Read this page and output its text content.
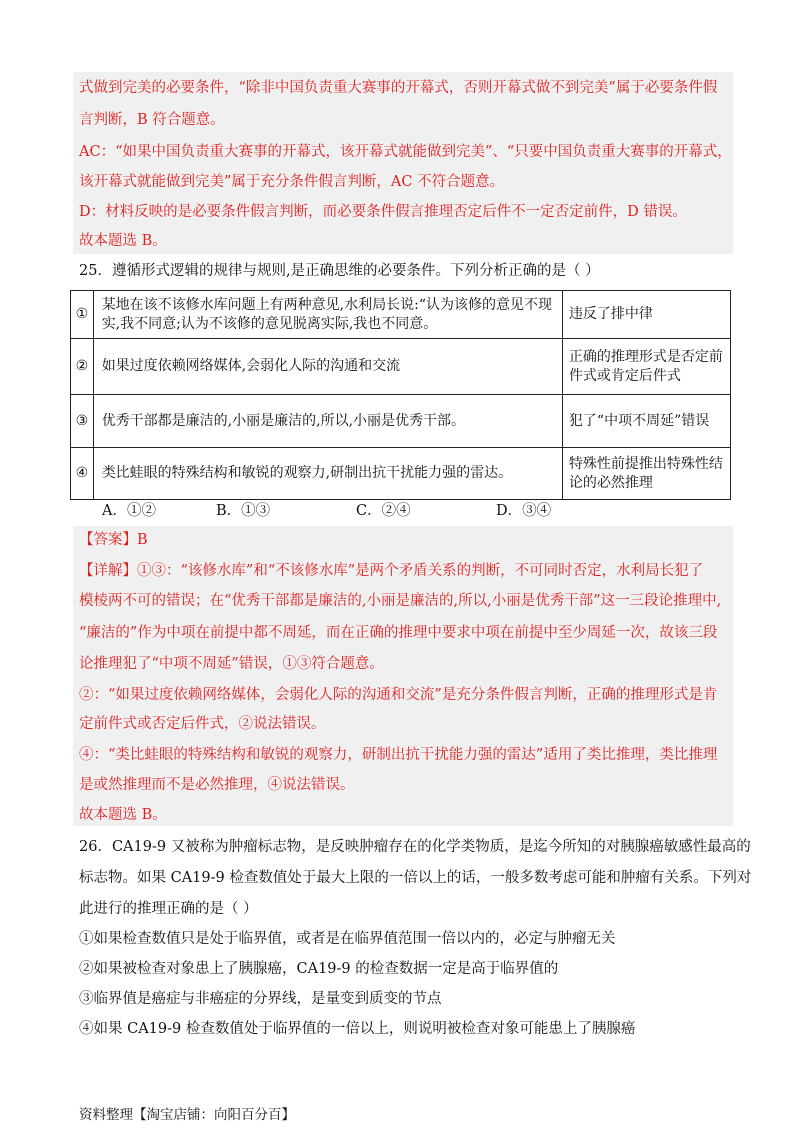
式做到完美的必要条件，“除非中国负责重大赛事的开幕式，否则开幕式做不到完美”属于必要条件假
言判断，B 符合题意。
AC：“如果中国负责重大赛事的开幕式，该开幕式就能做到完美”、“只要中国负责重大赛事的开幕式，
该开幕式就能做到完美”属于充分条件假言判断，AC 不符合题意。
D：材料反映的是必要条件假言判断，而必要条件假言推理否定后件不一定否定前件，D 错误。
故本题选 B。
25．遵循形式逻辑的规律与规则,是正确思维的必要条件。下列分析正确的是（ ）
①	某地在该不该修水库问题上有两种意见,水利局长说:“认为该修的意见不现实,我不同意;认为不该修的意见脱离实际,我也不同意。	违反了排中律
②	如果过度依赖网络媒体,会弱化人际的沟通和交流	正确的推理形式是否定前件式或肯定后件式
③	优秀干部都是廉洁的,小丽是廉洁的,所以,小丽是优秀干部。	犯了“中项不周延”错误
④	类比蛙眼的特殊结构和敏锐的观察力,研制出抗干扰能力强的雷达。	特殊性前提推出特殊性结论的必然推理
A．①②	B．①③	C．②④	D．③④
【答案】B
【详解】①③：“该修水库”和“不该修水库”是两个矛盾关系的判断，不可同时否定，水利局长犯了
模棱两不可的错误；在“优秀干部都是廉洁的,小丽是廉洁的,所以,小丽是优秀干部”这一三段论推理中,
“廉洁的”作为中项在前提中都不周延，而在正确的推理中要求中项在前提中至少周延一次，故该三段
论推理犯了“中项不周延”错误，①③符合题意。
②：“如果过度依赖网络媒体，会弱化人际的沟通和交流”是充分条件假言判断，正确的推理形式是肯
定前件式或否定后件式，②说法错误。
④：“类比蛙眼的特殊结构和敏锐的观察力，研制出抗干扰能力强的雷达”适用了类比推理，类比推理
是或然推理而不是必然推理，④说法错误。
故本题选 B。
26．CA19-9 又被称为肿瘤标志物，是反映肿瘤存在的化学类物质，是迄今所知的对胰腺癌敏感性最高的
标志物。如果 CA19-9 检查数值处于最大上限的一倍以上的话，一般多数考虑可能和肿瘤有关系。下列对
此进行的推理正确的是（ ）
①如果检查数值只是处于临界值，或者是在临界值范围一倍以内的，必定与肿瘤无关
②如果被检查对象患上了胰腺癌，CA19-9 的检查数据一定是高于临界值的
③临界值是癌症与非癌症的分界线，是量变到质变的节点
④如果 CA19-9 检查数值处于临界值的一倍以上，则说明被检查对象可能患上了胰腺癌
资料整理【淘宝店铺：向阳百分百】
